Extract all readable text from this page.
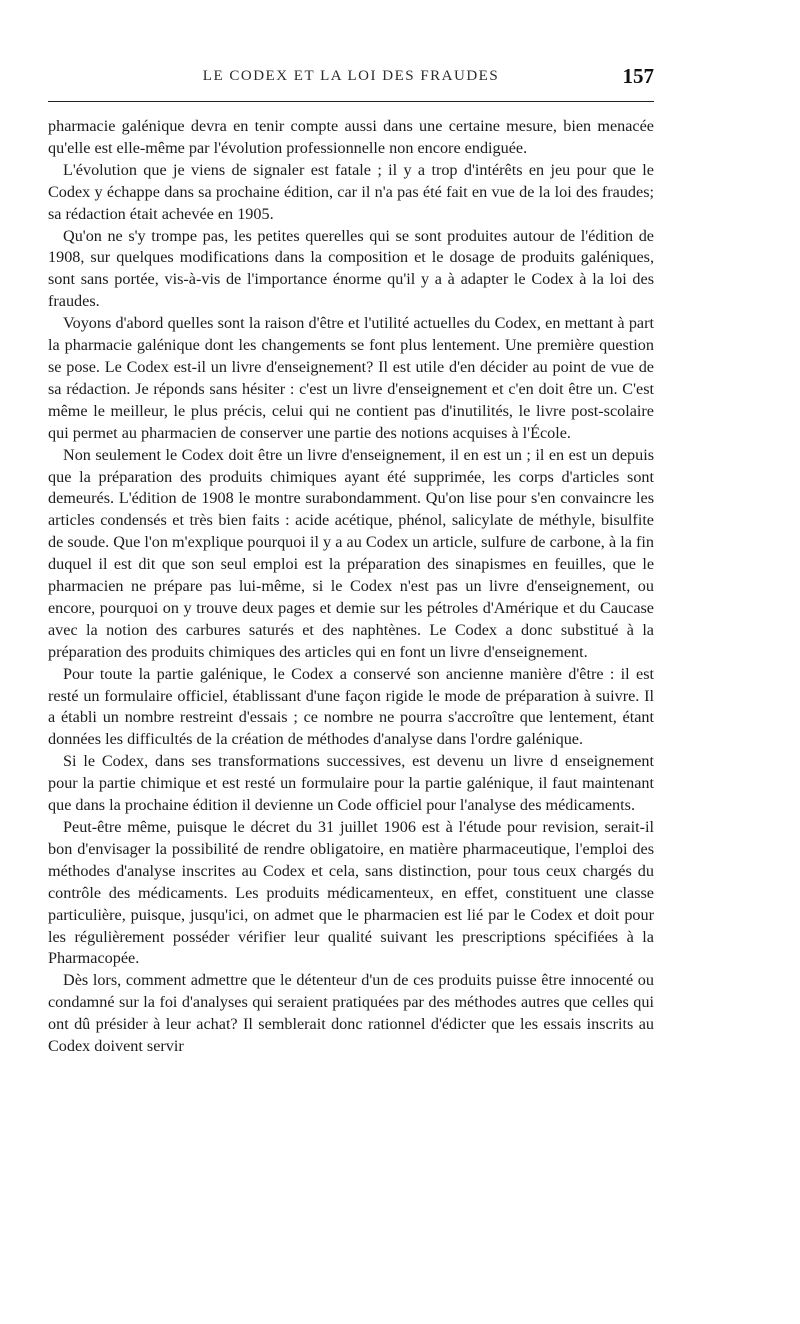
LE CODEX ET LA LOI DES FRAUDES	157

pharmacie galénique devra en tenir compte aussi dans une certaine mesure, bien menacée qu'elle est elle-même par l'évolution professionnelle non encore endiguée.

L'évolution que je viens de signaler est fatale ; il y a trop d'intérêts en jeu pour que le Codex y échappe dans sa prochaine édition, car il n'a pas été fait en vue de la loi des fraudes; sa rédaction était achevée en 1905.

Qu'on ne s'y trompe pas, les petites querelles qui se sont produites autour de l'édition de 1908, sur quelques modifications dans la composition et le dosage de produits galéniques, sont sans portée, vis-à-vis de l'importance énorme qu'il y a à adapter le Codex à la loi des fraudes.

Voyons d'abord quelles sont la raison d'être et l'utilité actuelles du Codex, en mettant à part la pharmacie galénique dont les changements se font plus lentement. Une première question se pose. Le Codex est-il un livre d'enseignement? Il est utile d'en décider au point de vue de sa rédaction. Je réponds sans hésiter : c'est un livre d'enseignement et c'en doit être un. C'est même le meilleur, le plus précis, celui qui ne contient pas d'inutilités, le livre post-scolaire qui permet au pharmacien de conserver une partie des notions acquises à l'École.

Non seulement le Codex doit être un livre d'enseignement, il en est un ; il en est un depuis que la préparation des produits chimiques ayant été supprimée, les corps d'articles sont demeurés. L'édition de 1908 le montre surabondamment. Qu'on lise pour s'en convaincre les articles condensés et très bien faits : acide acétique, phénol, salicylate de méthyle, bisulfite de soude. Que l'on m'explique pourquoi il y a au Codex un article, sulfure de carbone, à la fin duquel il est dit que son seul emploi est la préparation des sinapismes en feuilles, que le pharmacien ne prépare pas lui-même, si le Codex n'est pas un livre d'enseignement, ou encore, pourquoi on y trouve deux pages et demie sur les pétroles d'Amérique et du Caucase avec la notion des carbures saturés et des naphtènes. Le Codex a donc substitué à la préparation des produits chimiques des articles qui en font un livre d'enseignement.

Pour toute la partie galénique, le Codex a conservé son ancienne manière d'être : il est resté un formulaire officiel, établissant d'une façon rigide le mode de préparation à suivre. Il a établi un nombre restreint d'essais ; ce nombre ne pourra s'accroître que lentement, étant données les difficultés de la création de méthodes d'analyse dans l'ordre galénique.

Si le Codex, dans ses transformations successives, est devenu un livre d enseignement pour la partie chimique et est resté un formulaire pour la partie galénique, il faut maintenant que dans la prochaine édition il devienne un Code officiel pour l'analyse des médicaments.

Peut-être même, puisque le décret du 31 juillet 1906 est à l'étude pour revision, serait-il bon d'envisager la possibilité de rendre obligatoire, en matière pharmaceutique, l'emploi des méthodes d'analyse inscrites au Codex et cela, sans distinction, pour tous ceux chargés du contrôle des médicaments. Les produits médicamenteux, en effet, constituent une classe particulière, puisque, jusqu'ici, on admet que le pharmacien est lié par le Codex et doit pour les régulièrement posséder vérifier leur qualité suivant les prescriptions spécifiées à la Pharmacopée.

Dès lors, comment admettre que le détenteur d'un de ces produits puisse être innocenté ou condamné sur la foi d'analyses qui seraient pratiquées par des méthodes autres que celles qui ont dû présider à leur achat? Il semblerait donc rationnel d'édicter que les essais inscrits au Codex doivent servir
